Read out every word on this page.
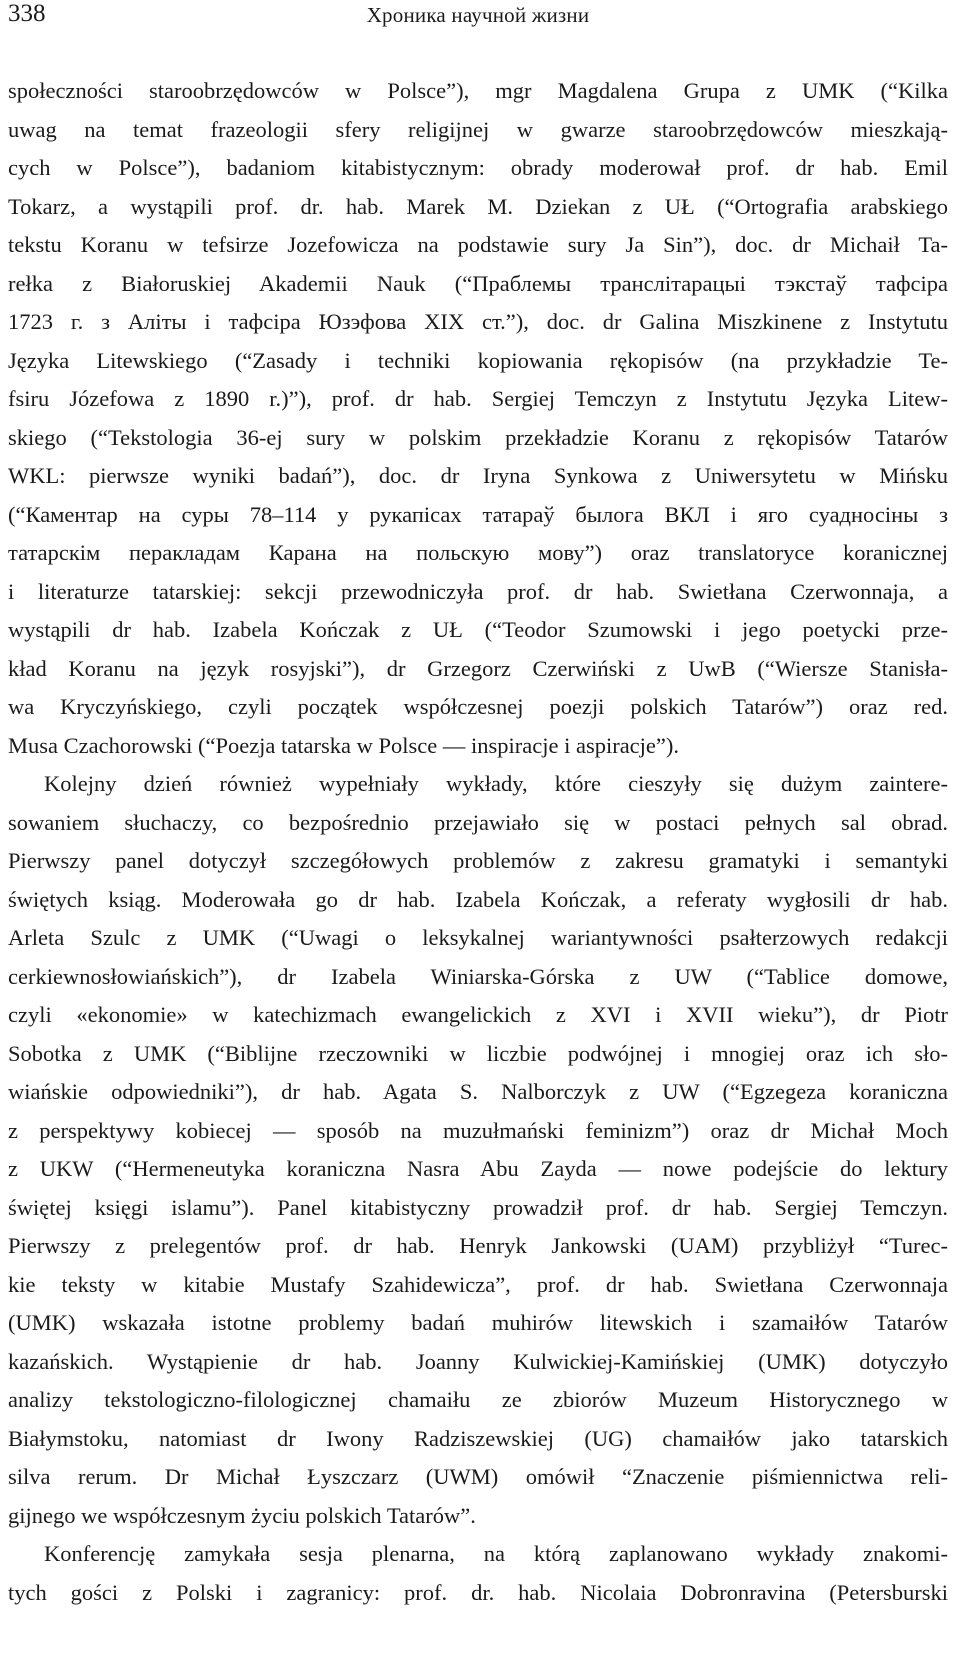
338	Хроника научной жизни
społeczności staroobrzędowców w Polsce”), mgr Magdalena Grupa z UMK (“Kilka
uwag na temat frazeologii sfery religijnej w gwarze staroobrzędowców mieszkają-
cych w Polsce”), badaniom kitabistycznym: obrady moderował prof. dr hab. Emil
Tokarz, a wystąpili prof. dr. hab. Marek M. Dziekan z UŁ (“Ortografia arabskiego
tekstu Koranu w tefsirze Jozefowicza na podstawie sury Ja Sin”), doc. dr Michaił Ta-
rełka z Białoruskiej Akademii Nauk (“Праблемы транслітарацыі тэкстаў тафсіра
1723 г. з Аліты і тафсіра Юзэфова XIX ст.”), doc. dr Galina Miszkinene z Instytutu
Języka Litewskiego (“Zasady i techniki kopiowania rękopisów (na przykładzie Te-
fsiru Józefowa z 1890 r.)”), prof. dr hab. Sergiej Temczyn z Instytutu Języka Litew-
skiego (“Tekstologia 36-ej sury w polskim przekładzie Koranu z rękopisów Tatarów
WKL: pierwsze wyniki badań”), doc. dr Iryna Synkowa z Uniwersytetu w Mińsku
(“Каментар на суры 78–114 у рукапісах татараў былога ВКЛ і яго суадносіны з
татарскім перакладам Карана на польскую мову”) oraz translatoryce koranicznej
i literaturze tatarskiej: sekcji przewodniczyła prof. dr hab. Swietłana Czerwonnaja, a
wystąpili dr hab. Izabela Kończak z UŁ (“Teodor Szumowski i jego poetycki prze-
kład Koranu na język rosyjski”), dr Grzegorz Czerwiński z UwB (“Wiersze Stanisła-
wa Kryczyńskiego, czyli początek współczesnej poezji polskich Tatarów”) oraz red.
Musa Czachorowski (“Poezja tatarska w Polsce — inspiracje i aspiracje”).
Kolejny dzień również wypełniały wykłady, które cieszyły się dużym zaintere-
sowaniem słuchaczy, co bezpośrednio przejawiało się w postaci pełnych sal obrad.
Pierwszy panel dotyczył szczegółowych problemów z zakresu gramatyki i semantyki
świętych ksiąg. Moderowała go dr hab. Izabela Kończak, a referaty wygłosili dr hab.
Arleta Szulc z UMK (“Uwagi o leksykalnej wariantywności psałterzowych redakcji
cerkiewnosłowiańskich”), dr Izabela Winiarska-Górska z UW (“Tablice domowe,
czyli «ekonomie» w katechizmach ewangelickich z XVI i XVII wieku”), dr Piotr
Sobotka z UMK (“Biblijne rzeczowniki w liczbie podwójnej i mnogiej oraz ich sło-
wiańskie odpowiedniki”), dr hab. Agata S. Nalborczyk z UW (“Egzegeza koraniczna
z perspektywy kobiecej — sposób na muzułmański feminizm”) oraz dr Michał Moch
z UKW (“Hermeneutyka koraniczna Nasra Abu Zayda — nowe podejście do lektury
świętej księgi islamu”). Panel kitabistyczny prowadził prof. dr hab. Sergiej Temczyn.
Pierwszy z prelegentów prof. dr hab. Henryk Jankowski (UAM) przybliżył “Turec-
kie teksty w kitabie Mustafy Szahidewicza”, prof. dr hab. Swietłana Czerwonnaja
(UMK) wskazała istotne problemy badań muhirów litewskich i szamaiłów Tatarów
kazańskich. Wystąpienie dr hab. Joanny Kulwickiej-Kamińskiej (UMK) dotyczyło
analizy tekstologiczno-filologicznej chamaiłu ze zbiorów Muzeum Historycznego w
Białymstoku, natomiast dr Iwony Radziszewskiej (UG) chamaiłów jako tatarskich
silva rerum. Dr Michał Łyszczarz (UWM) omówił “Znaczenie piśmiennictwa reli-
gijnego we współczesnym życiu polskich Tatarów”.
Konferencję zamykała sesja plenarna, na którą zaplanowano wykłady znakomi-
tych gości z Polski i zagranicy: prof. dr. hab. Nicolaia Dobronravina (Petersburski
